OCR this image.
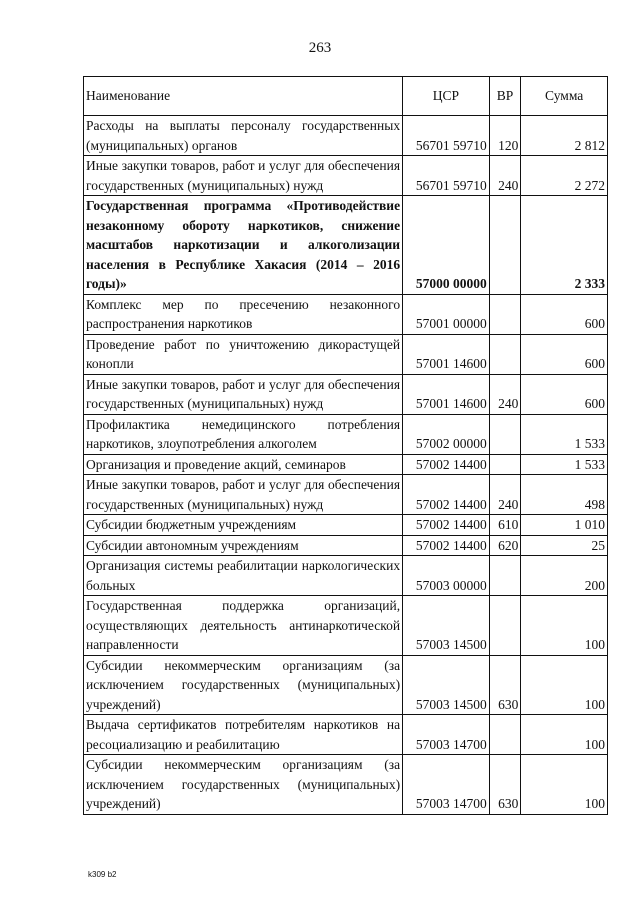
263
Наименование	ЦСР	ВР	Сумма
Расходы на выплаты персоналу государственных (муниципальных) органов	56701 59710	120	2 812
Иные закупки товаров, работ и услуг для обеспечения государственных (муниципальных) нужд	56701 59710	240	2 272
Государственная программа «Противодействие незаконному обороту наркотиков, снижение масштабов наркотизации и алкоголизации населения в Республике Хакасия (2014 – 2016 годы)»	57000 00000		2 333
Комплекс мер по пресечению незаконного распространения наркотиков	57001 00000		600
Проведение работ по уничтожению дикорастущей конопли	57001 14600		600
Иные закупки товаров, работ и услуг для обеспечения государственных (муниципальных) нужд	57001 14600	240	600
Профилактика немедицинского потребления наркотиков, злоупотребления алкоголем	57002 00000		1 533
Организация и проведение акций, семинаров	57002 14400		1 533
Иные закупки товаров, работ и услуг для обеспечения государственных (муниципальных) нужд	57002 14400	240	498
Субсидии бюджетным учреждениям	57002 14400	610	1 010
Субсидии автономным учреждениям	57002 14400	620	25
Организация системы реабилитации наркологических больных	57003 00000		200
Государственная поддержка организаций, осуществляющих деятельность антинаркотической направленности	57003 14500		100
Субсидии некоммерческим организациям (за исключением государственных (муниципальных) учреждений)	57003 14500	630	100
Выдача сертификатов потребителям наркотиков на ресоциализацию и реабилитацию	57003 14700		100
Субсидии некоммерческим организациям (за исключением государственных (муниципальных) учреждений)	57003 14700	630	100
k309 b2
